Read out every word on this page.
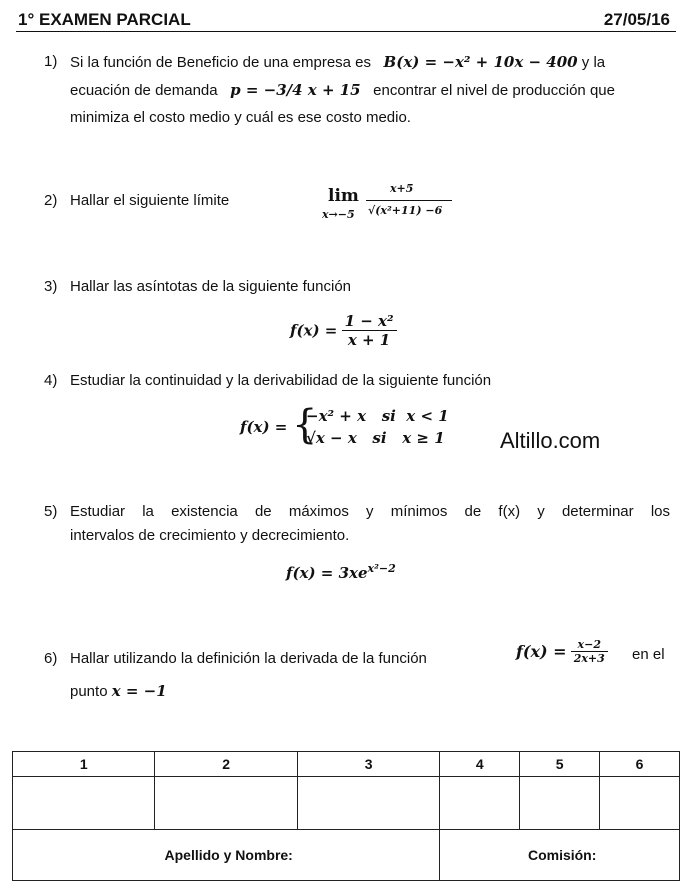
1° EXAMEN PARCIAL	27/05/16
1) Si la función de Beneficio de una empresa es B(x) = −x² + 10x − 400 y la
ecuación de demanda p = −3/4 x + 15 encontrar el nivel de producción que
minimiza el costo medio y cuál es ese costo medio.
2) Hallar el siguiente límite	lim
x→−5
x+5
√(x²+11) −6
3) Hallar las asíntotas de la siguiente función
$f(x) = \frac{\text{1 − x²}}{x + 1}$
4) Estudiar la continuidad y la derivabilidad de la siguiente función
f(x) = {
−x² + x   si  x < 1
√x − x   si   x ≥ 1	Altillo.com
5) Estudiar la existencia de máximos y mínimos de f(x) y determinar los
intervalos de crecimiento y decrecimiento.
$f(x) = 3xe^{x^2-2}$
6) Hallar utilizando la definición la derivada de la función
punto x = −1
$f(x) = \frac{x-2}{2x+3}$ en el
1	2	3	4	5	6

Apellido y Nombre:			Comisión:		
